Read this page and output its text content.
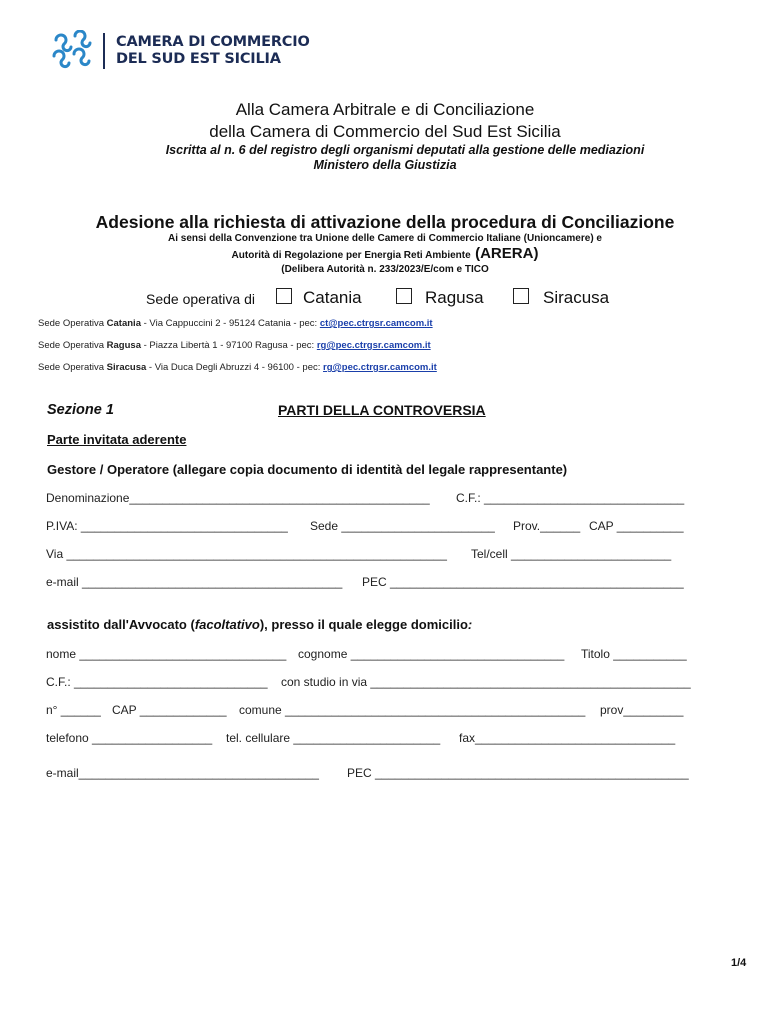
CAMERA DI COMMERCIO
DEL SUD EST SICILIA
Alla Camera Arbitrale e di Conciliazione
della Camera di Commercio del Sud Est Sicilia
Iscritta al n. 6 del registro degli organismi deputati alla gestione delle mediazioni
Ministero della Giustizia
Adesione alla richiesta di attivazione della procedura di Conciliazione
Ai sensi della Convenzione tra Unione delle Camere di Commercio Italiane (Unioncamere) e
Autorità di Regolazione per Energia Reti Ambiente (ARERA)
(Delibera Autorità n. 233/2023/E/com e TICO
Sede operativa di	Catania	Ragusa	Siracusa
Sede Operativa Catania - Via Cappuccini 2 - 95124 Catania - pec: ct@pec.ctrgsr.camcom.it
Sede Operativa Ragusa - Piazza Libertà 1 - 97100 Ragusa - pec: rg@pec.ctrgsr.camcom.it
Sede Operativa Siracusa - Via Duca Degli Abruzzi 4 - 96100 - pec: rg@pec.ctrgsr.camcom.it
Sezione 1	PARTI DELLA CONTROVERSIA
Parte invitata aderente
Gestore / Operatore (allegare copia documento di identità del legale rappresentante)
Denominazione_____________________________________________ C.F.: ______________________________
P.IVA: _______________________________ Sede _______________________ Prov.______ CAP __________
Via _________________________________________________________ Tel/cell ________________________
e-mail _______________________________________ PEC ____________________________________________
assistito dall'Avvocato (facoltativo), presso il quale elegge domicilio:
nome _______________________________ cognome ________________________________ Titolo ___________
C.F.: _____________________________ con studio in via ________________________________________________
n° ______ CAP _____________ comune _____________________________________________ prov_________
telefono __________________ tel. cellulare ______________________ fax______________________________
e-mail____________________________________ PEC _______________________________________________
1/4
